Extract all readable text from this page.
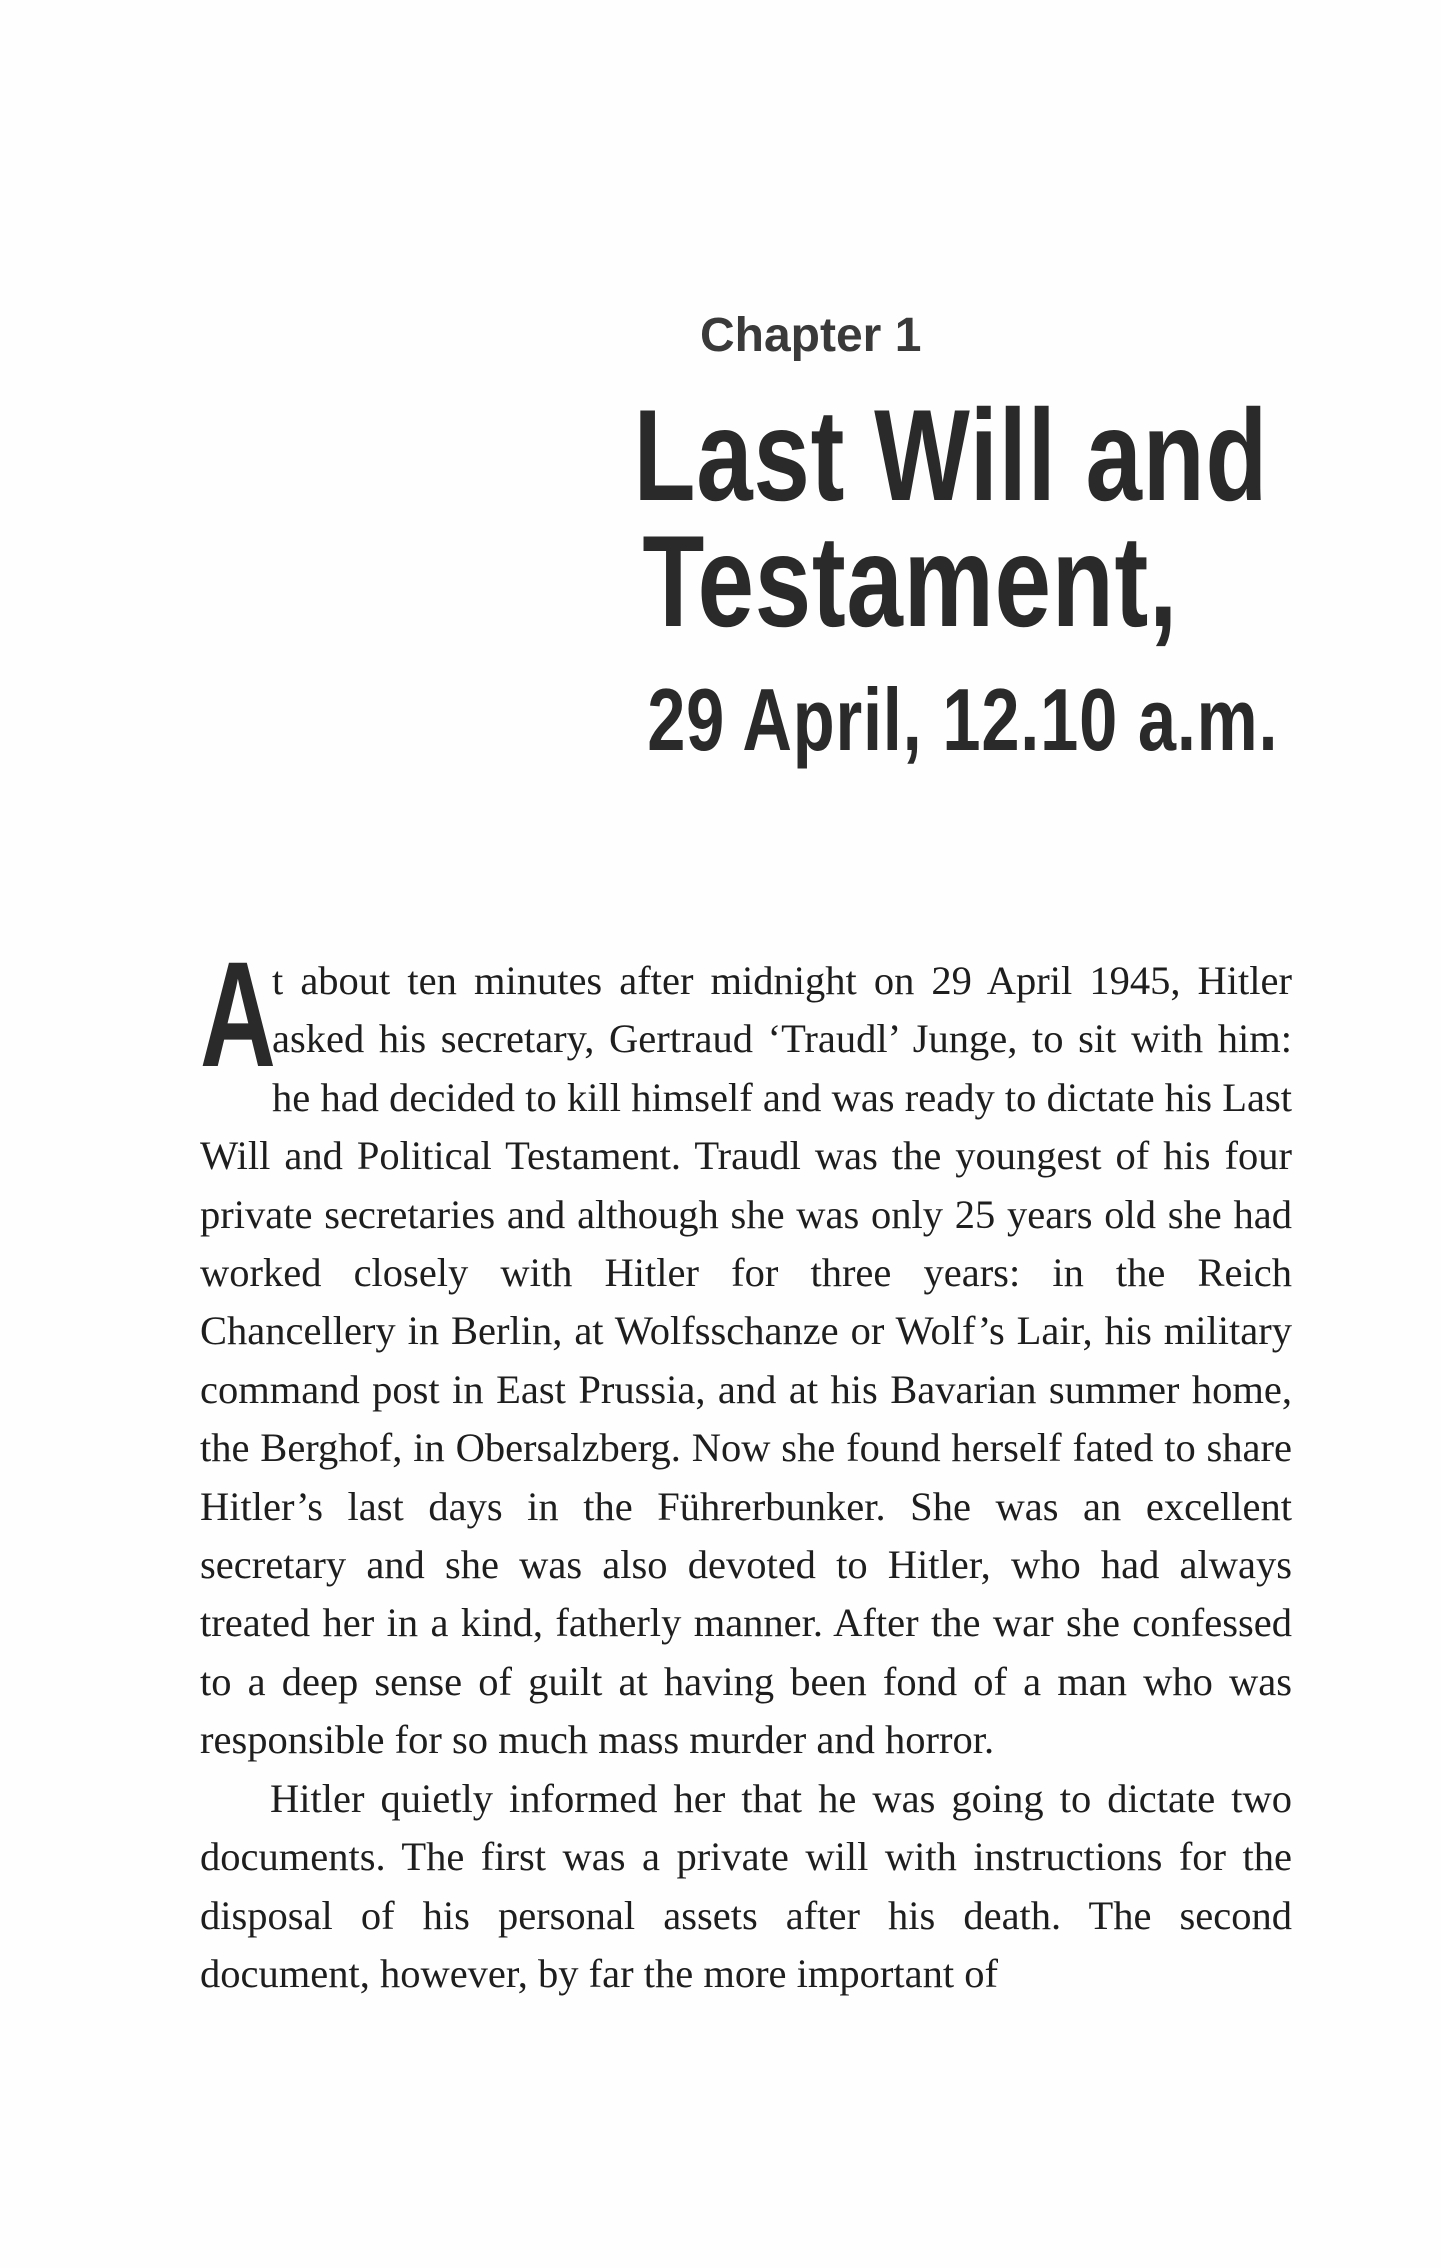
Chapter 1
Last Will and
Testament,
29 April, 12.10 a.m.

A
t about ten minutes after midnight on 29 April 1945, Hitler asked his secretary, Gertraud ‘Traudl’ Junge, to sit with him: he had decided to kill himself and was ready to dictate his Last Will and Political Testament. Traudl was the youngest of his four private secretaries and although she was only 25 years old she had worked closely with Hitler for three years: in the Reich Chancellery in Berlin, at Wolfsschanze or Wolf’s Lair, his military command post in East Prussia, and at his Bavarian summer home, the Berghof, in Obersalzberg. Now she found herself fated to share Hitler’s last days in the Führerbunker. She was an excellent secretary and she was also devoted to Hitler, who had always treated her in a kind, fatherly manner. After the war she confessed to a deep sense of guilt at having been fond of a man who was responsible for so much mass murder and horror.

Hitler quietly informed her that he was going to dictate two documents. The first was a private will with instructions for the disposal of his personal assets after his death. The second document, however, by far the more important of
